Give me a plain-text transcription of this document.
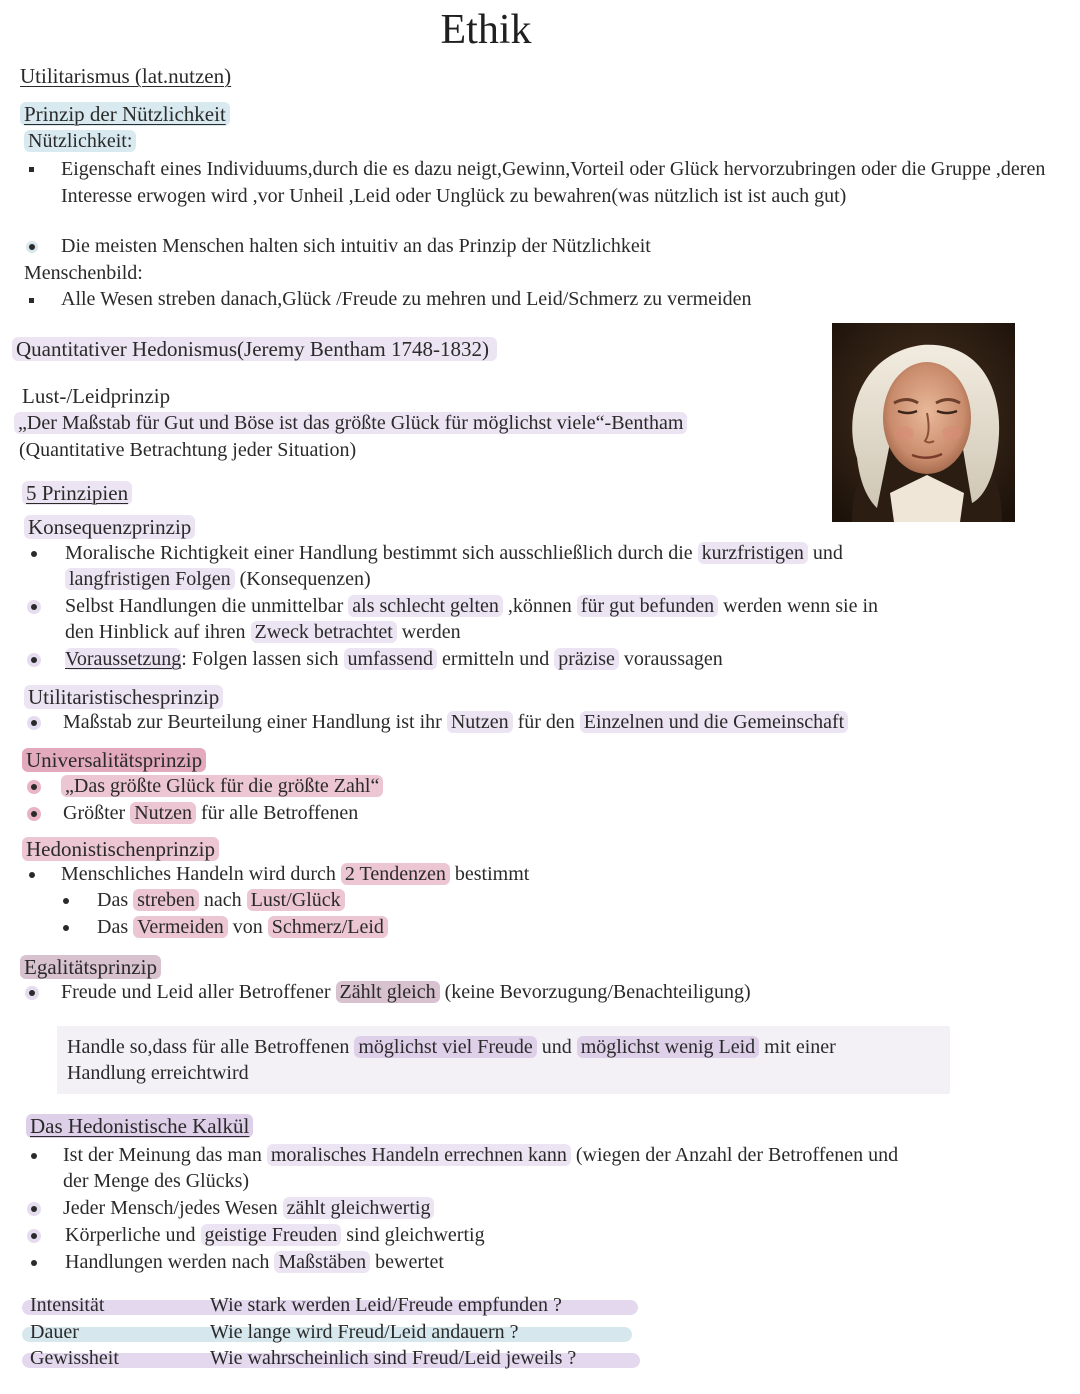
Ethik
Utilitarismus (lat.nutzen)
Prinzip der Nützlichkeit
Nützlichkeit:
Eigenschaft eines Individuums,durch die es dazu neigt,Gewinn,Vorteil oder Glück hervorzubringen oder die Gruppe ,deren Interesse erwogen wird ,vor Unheil ,Leid oder Unglück zu bewahren(was nützlich ist ist auch gut)
Die meisten Menschen halten sich intuitiv an das Prinzip der Nützlichkeit
Menschenbild:
Alle Wesen streben danach,Glück /Freude zu mehren und Leid/Schmerz zu vermeiden
Quantitativer Hedonismus(Jeremy Bentham 1748-1832)
Lust-/Leidprinzip
„Der Maßstab für Gut und Böse ist das größte Glück für möglichst viele“-Bentham
(Quantitative Betrachtung jeder Situation)
5 Prinzipien
Konsequenzprinzip
Moralische Richtigkeit einer Handlung bestimmt sich ausschließlich durch die kurzfristigen und
langfristigen Folgen (Konsequenzen)
Selbst Handlungen die unmittelbar als schlecht gelten ,können für gut befunden werden wenn sie in
den Hinblick auf ihren Zweck betrachtet werden
Voraussetzung: Folgen lassen sich umfassend ermitteln und präzise voraussagen
Utilitaristischesprinzip
Maßstab zur Beurteilung einer Handlung ist ihr Nutzen für den Einzelnen und die Gemeinschaft
Universalitätsprinzip
„Das größte Glück für die größte Zahl“
Größter Nutzen für alle Betroffenen
Hedonistischenprinzip
Menschliches Handeln wird durch 2 Tendenzen bestimmt
Das streben nach Lust/Glück
Das Vermeiden von Schmerz/Leid
Egalitätsprinzip
Freude und Leid aller Betroffener Zählt gleich (keine Bevorzugung/Benachteiligung)
Handle so,dass für alle Betroffenen möglichst viel Freude und möglichst wenig Leid mit einer
Handlung erreichtwird
Das Hedonistische Kalkül
Ist der Meinung das man moralisches Handeln errechnen kann (wiegen der Anzahl der Betroffenen und
der Menge des Glücks)
Jeder Mensch/jedes Wesen zählt gleichwertig
Körperliche und geistige Freuden sind gleichwertig
Handlungen werden nach Maßstäben bewertet
Intensität	Wie stark werden Leid/Freude empfunden ?
Dauer	Wie lange wird Freud/Leid andauern ?
Gewissheit	Wie wahrscheinlich sind Freud/Leid jeweils ?
